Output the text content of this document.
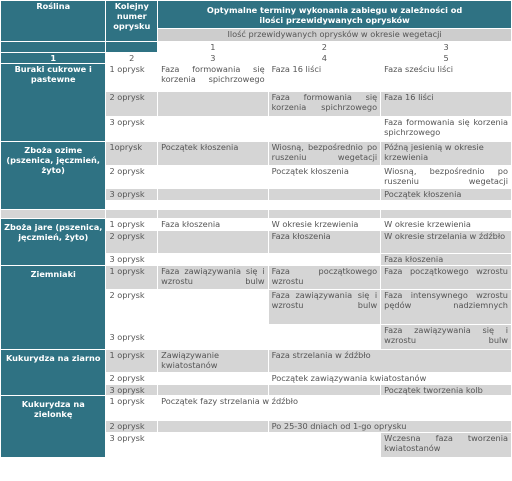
Roślina	Kolejny numer oprysku	Optymalne terminy wykonania zabiegu w zależności od ilości przewidywanych oprysków		
		Ilość przewidywanych oprysków w okresie wegetacji		
		1	2	3
1	2	3	4	5
Buraki cukrowe i pastewne	1 oprysk	Faza formowania się korzenia spichrzowego	Faza 16 liści	Faza sześciu liści
	2 oprysk		Faza formowania się korzenia spichrzowego	Faza 16 liści
	3 oprysk			Faza formowania się korzenia spichrzowego
Zboża ozime (pszenica, jęczmień, żyto)	1oprysk	Początek kłoszenia	Wiosną, bezpośrednio po ruszeniu wegetacji	Późną jesienią w okresie krzewienia
	2 oprysk		Początek kłoszenia	Wiosną, bezpośrednio po ruszeniu wegetacji
	3 oprysk			Początek kłoszenia

Zboża jare (pszenica, jęczmień, żyto)	1 oprysk	Faza kłoszenia	W okresie krzewienia	W okresie krzewienia
	2 oprysk		Faza kłoszenia	W okresie strzelania w źdźbło
	3 oprysk			Faza kłoszenia
Ziemniaki	1 oprysk	Faza zawiązywania się i wzrostu bulw	Faza początkowego wzrostu	Faza początkowego wzrostu
	2 oprysk		Faza zawiązywania się i wzrostu bulw	Faza intensywnego wzrostu pędów nadziemnych
	3 oprysk			Faza zawiązywania się i wzrostu bulw
Kukurydza na ziarno	1 oprysk	Zawiązywanie kwiatostanów	Faza strzelania w źdźbło	
	2 oprysk		Początek zawiązywania kwiatostanów	
	3 oprysk			Początek tworzenia kolb
Kukurydza na zielonkę	1 oprysk	Początek fazy strzelania w źdźbło		
	2 oprysk		Po 25-30 dniach od 1-go oprysku	
	3 oprysk			Wczesna faza tworzenia kwiatostanów
